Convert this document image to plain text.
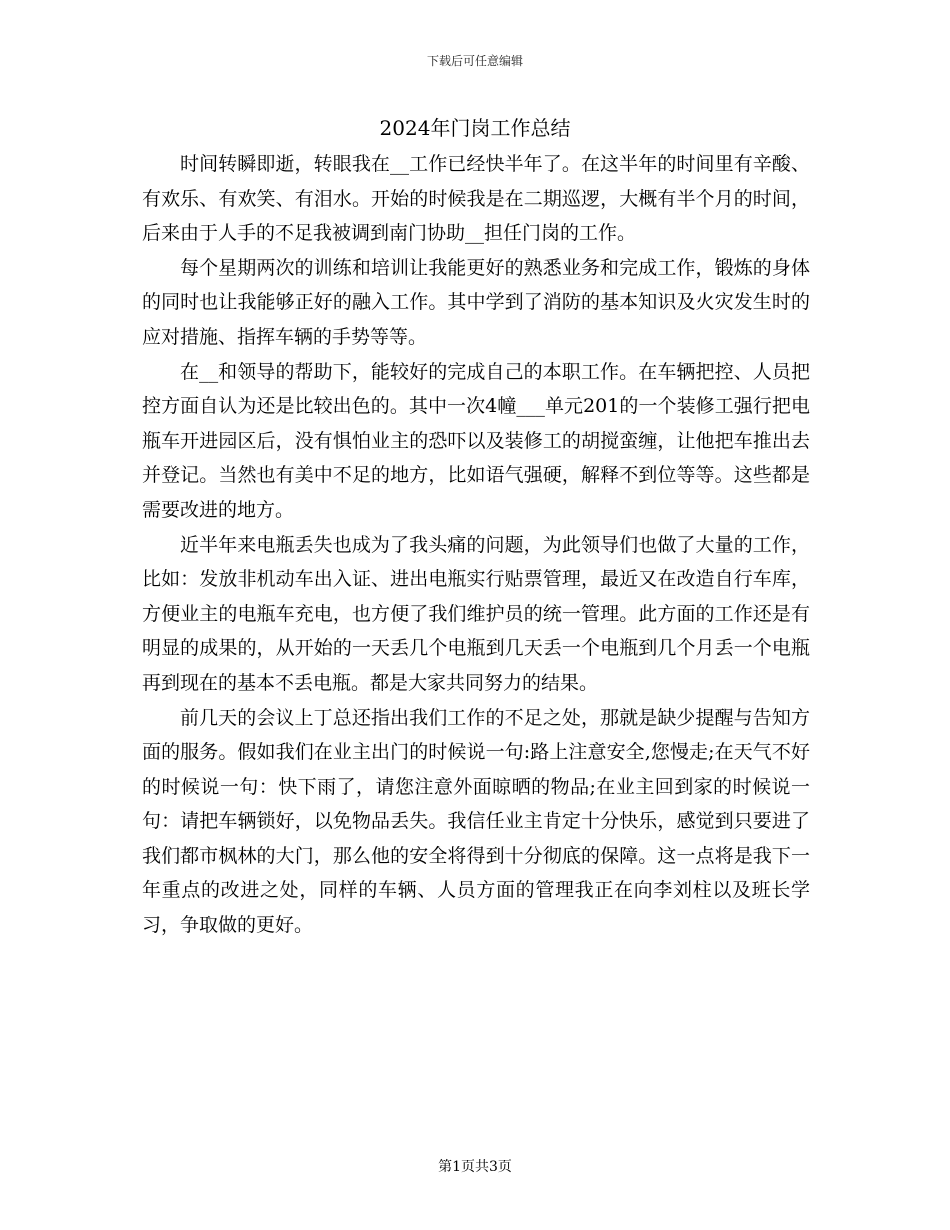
下载后可任意编辑
2024年门岗工作总结

时间转瞬即逝，转眼我在__工作已经快半年了。在这半年的时间里有辛酸、有欢乐、有欢笑、有泪水。开始的时候我是在二期巡逻，大概有半个月的时间，后来由于人手的不足我被调到南门协助__担任门岗的工作。

每个星期两次的训练和培训让我能更好的熟悉业务和完成工作，锻炼的身体的同时也让我能够正好的融入工作。其中学到了消防的基本知识及火灾发生时的应对措施、指挥车辆的手势等等。

在__和领导的帮助下，能较好的完成自己的本职工作。在车辆把控、人员把控方面自认为还是比较出色的。其中一次4幢___单元201的一个装修工强行把电瓶车开进园区后，没有惧怕业主的恐吓以及装修工的胡搅蛮缠，让他把车推出去并登记。当然也有美中不足的地方，比如语气强硬，解释不到位等等。这些都是需要改进的地方。

近半年来电瓶丢失也成为了我头痛的问题，为此领导们也做了大量的工作，比如：发放非机动车出入证、进出电瓶实行贴票管理，最近又在改造自行车库，方便业主的电瓶车充电，也方便了我们维护员的统一管理。此方面的工作还是有明显的成果的，从开始的一天丢几个电瓶到几天丢一个电瓶到几个月丢一个电瓶再到现在的基本不丢电瓶。都是大家共同努力的结果。

前几天的会议上丁总还指出我们工作的不足之处，那就是缺少提醒与告知方面的服务。假如我们在业主出门的时候说一句:路上注意安全,您慢走;在天气不好的时候说一句：快下雨了，请您注意外面晾晒的物品;在业主回到家的时候说一句：请把车辆锁好，以免物品丢失。我信任业主肯定十分快乐，感觉到只要进了我们都市枫林的大门，那么他的安全将得到十分彻底的保障。这一点将是我下一年重点的改进之处，同样的车辆、人员方面的管理我正在向李刘柱以及班长学习，争取做的更好。

第1页共3页
